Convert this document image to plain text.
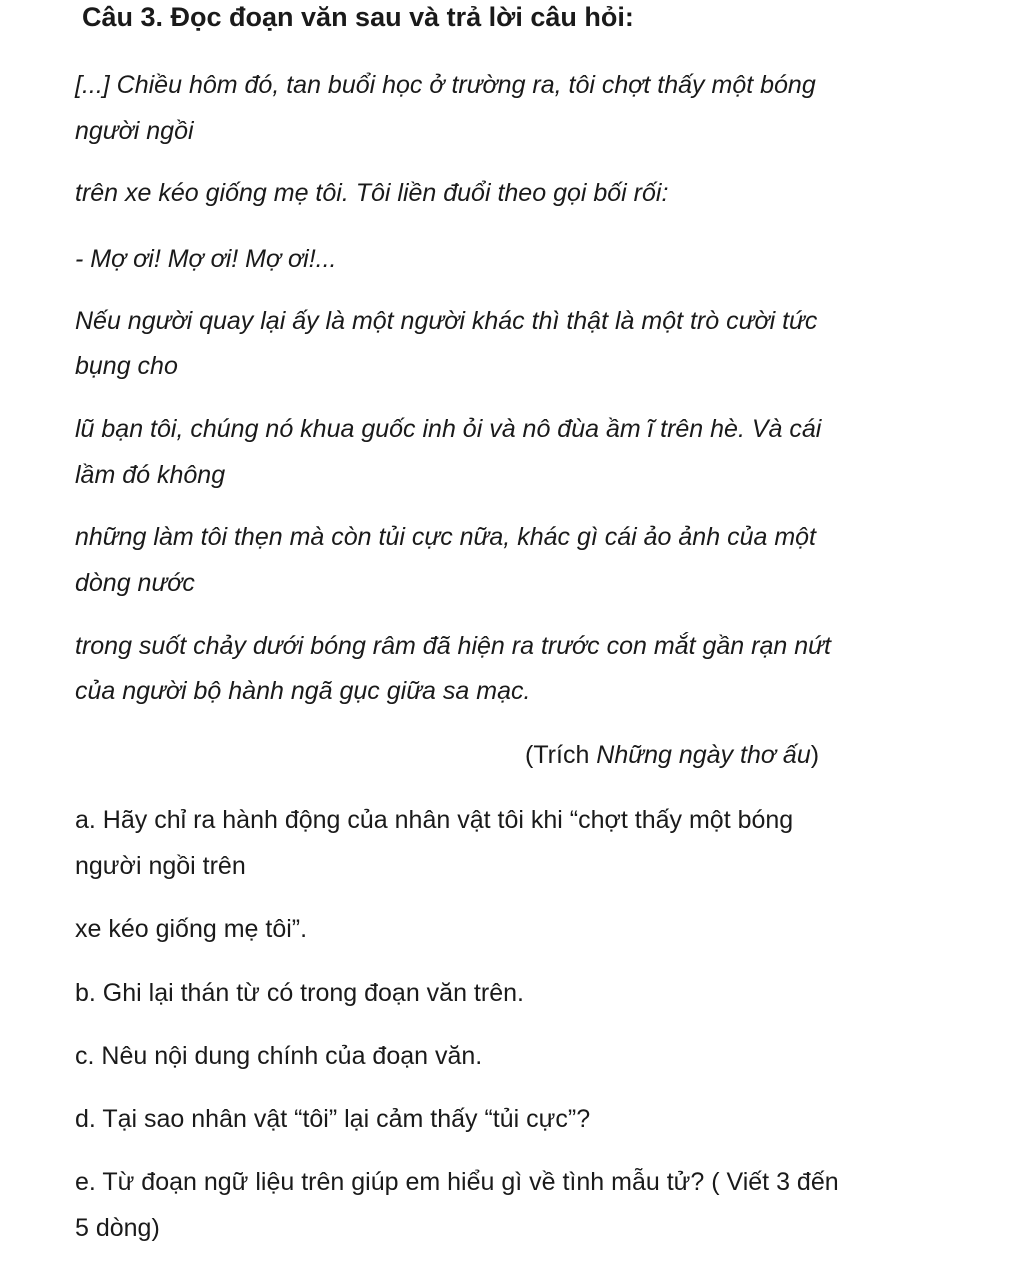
Câu 3. Đọc đoạn văn sau và trả lời câu hỏi:
[...] Chiều hôm đó, tan buổi học ở trường ra, tôi chợt thấy một bóng
người ngồi
trên xe kéo giống mẹ tôi. Tôi liền đuổi theo gọi bối rối:
- Mợ ơi! Mợ ơi! Mợ ơi!...
Nếu người quay lại ấy là một người khác thì thật là một trò cười tức
bụng cho
lũ bạn tôi, chúng nó khua guốc inh ỏi và nô đùa ầm ĩ trên hè. Và cái
lầm đó không
những làm tôi thẹn mà còn tủi cực nữa, khác gì cái ảo ảnh của một
dòng nước
trong suốt chảy dưới bóng râm đã hiện ra trước con mắt gần rạn nứt
của người bộ hành ngã gục giữa sa mạc.
(Trích Những ngày thơ ấu)
a. Hãy chỉ ra hành động của nhân vật tôi khi “chợt thấy một bóng
người ngồi trên
xe kéo giống mẹ tôi”.
b. Ghi lại thán từ có trong đoạn văn trên.
c. Nêu nội dung chính của đoạn văn.
d. Tại sao nhân vật “tôi” lại cảm thấy “tủi cực”?
e. Từ đoạn ngữ liệu trên giúp em hiểu gì về tình mẫu tử? ( Viết 3 đến
5 dòng)
